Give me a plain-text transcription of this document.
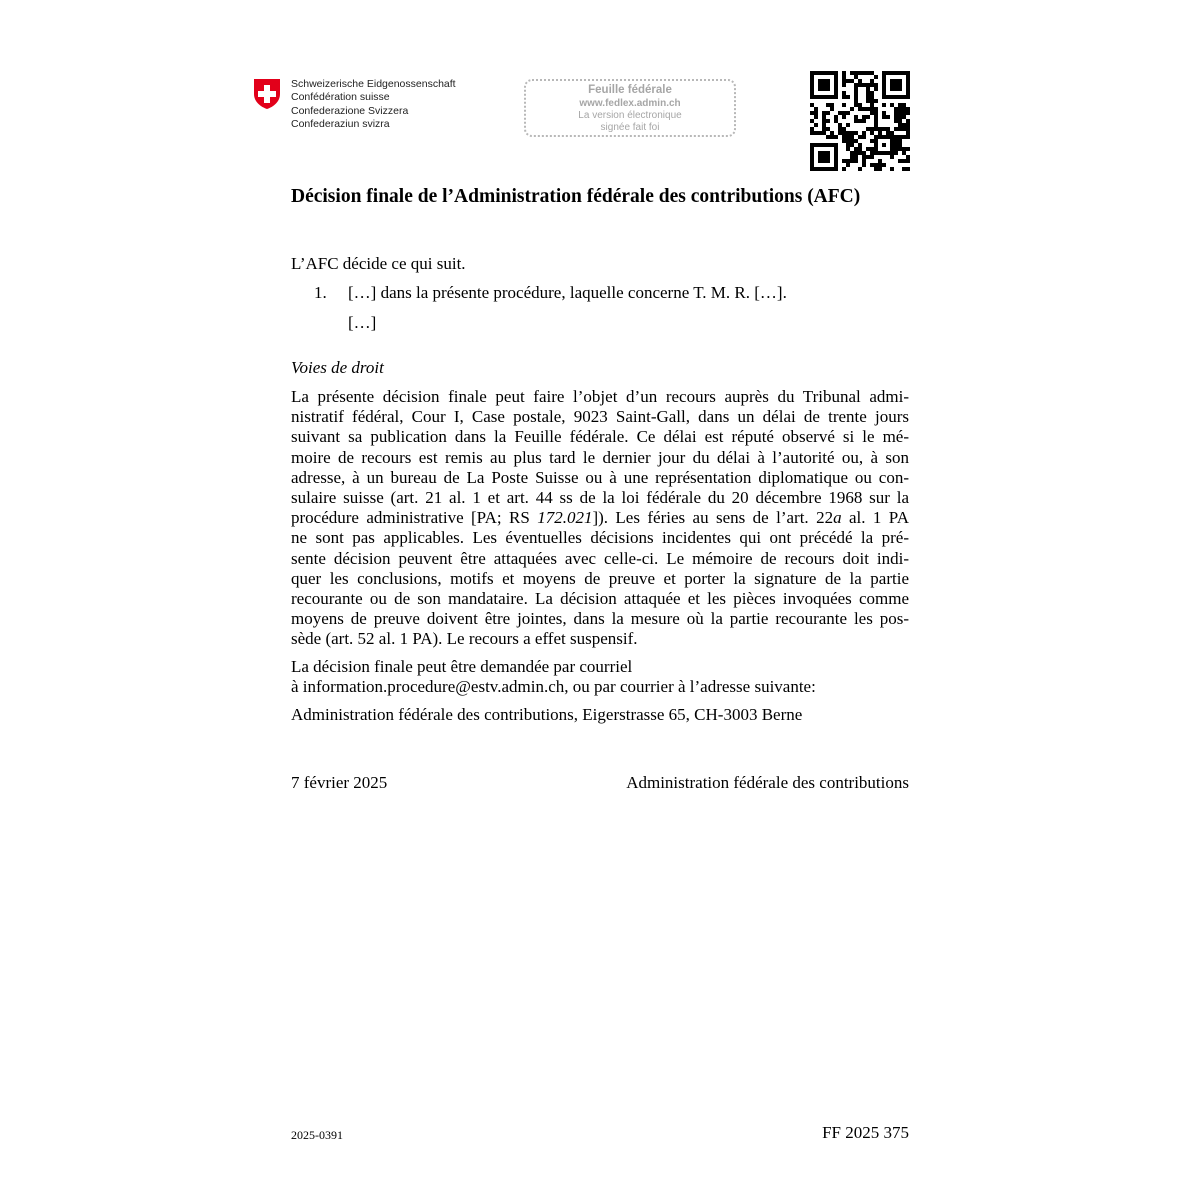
Schweizerische Eidgenossenschaft
Confédération suisse
Confederazione Svizzera
Confederaziun svizra
Feuille fédérale
www.fedlex.admin.ch
La version électronique
signée fait foi
Décision finale de l’Administration fédérale des contributions (AFC)
L’AFC décide ce qui suit.
1. […] dans la présente procédure, laquelle concerne T. M. R. […].
[…]
Voies de droit
La présente décision finale peut faire l’objet d’un recours auprès du Tribunal admi-
nistratif fédéral, Cour I, Case postale, 9023 Saint-Gall, dans un délai de trente jours
suivant sa publication dans la Feuille fédérale. Ce délai est réputé observé si le mé-
moire de recours est remis au plus tard le dernier jour du délai à l’autorité ou, à son
adresse, à un bureau de La Poste Suisse ou à une représentation diplomatique ou con-
sulaire suisse (art. 21 al. 1 et art. 44 ss de la loi fédérale du 20 décembre 1968 sur la
procédure administrative [PA; RS 172.021]). Les féries au sens de l’art. 22a al. 1 PA
ne sont pas applicables. Les éventuelles décisions incidentes qui ont précédé la pré-
sente décision peuvent être attaquées avec celle-ci. Le mémoire de recours doit indi-
quer les conclusions, motifs et moyens de preuve et porter la signature de la partie
recourante ou de son mandataire. La décision attaquée et les pièces invoquées comme
moyens de preuve doivent être jointes, dans la mesure où la partie recourante les pos-
sède (art. 52 al. 1 PA). Le recours a effet suspensif.
La décision finale peut être demandée par courriel
à information.procedure@estv.admin.ch, ou par courrier à l’adresse suivante:
Administration fédérale des contributions, Eigerstrasse 65, CH-3003 Berne
7 février 2025	Administration fédérale des contributions
2025-0391	FF 2025 375
